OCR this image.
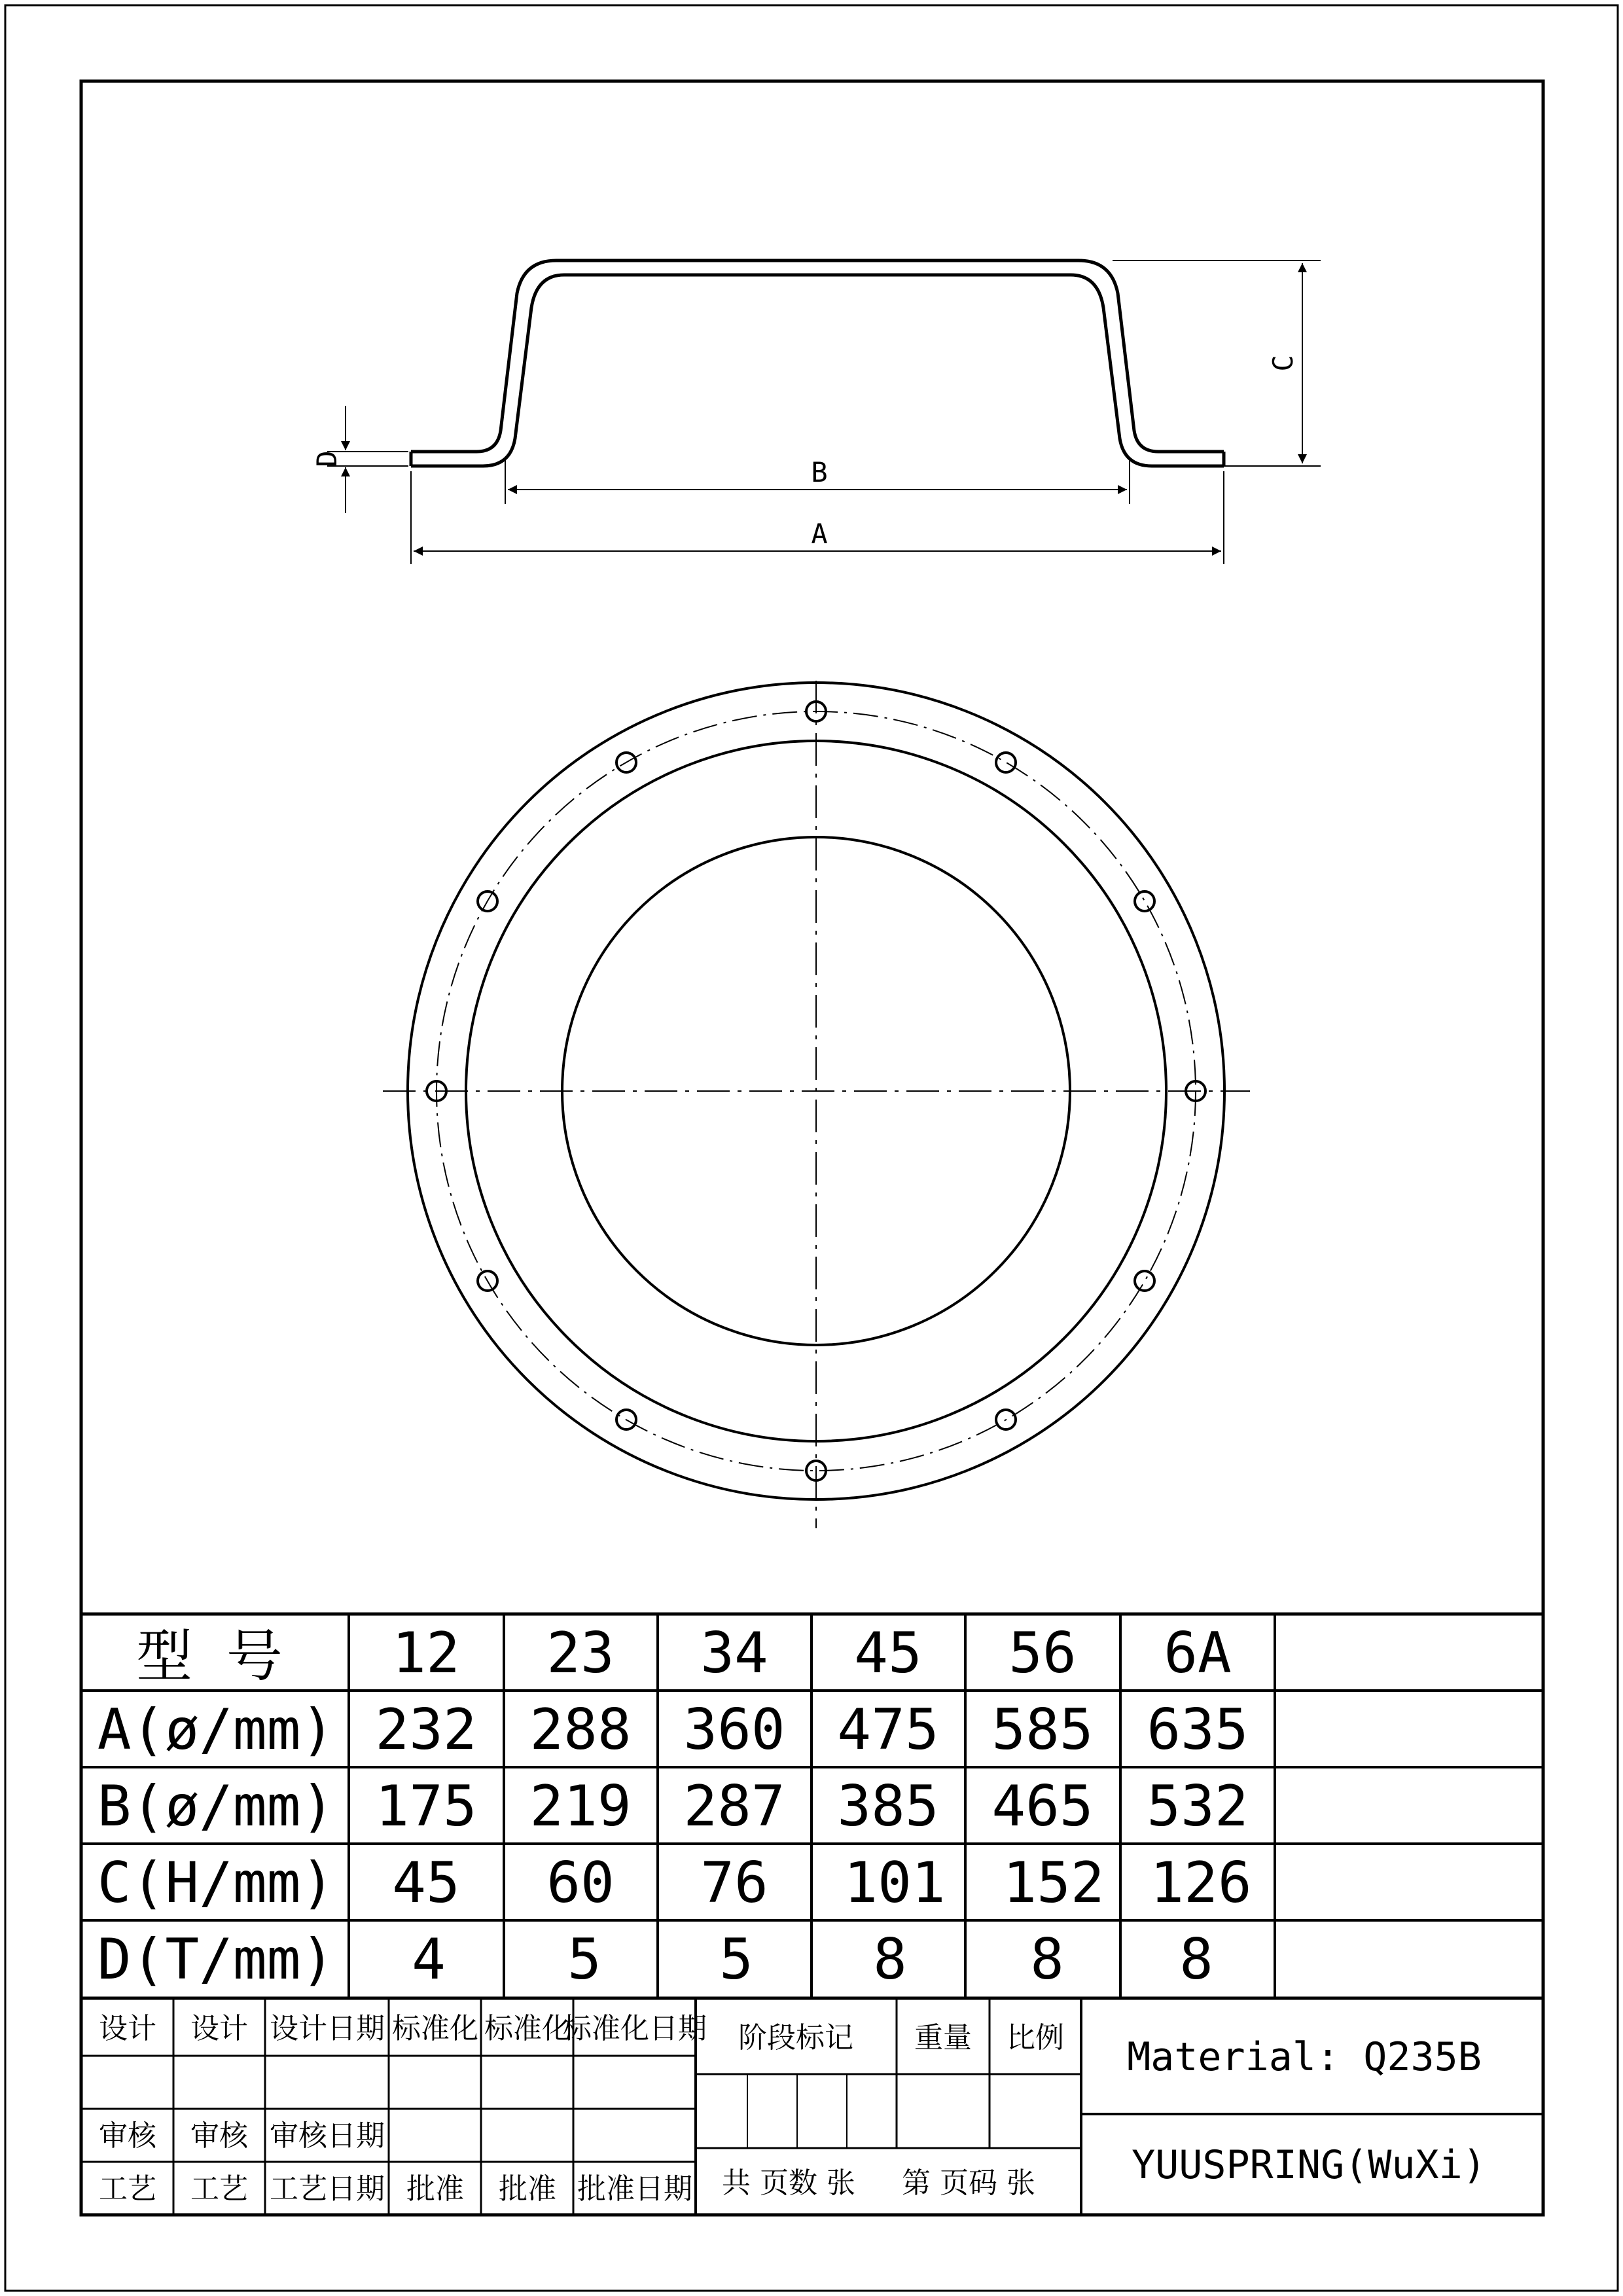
A
B
C
D
型 号 12 23 34 45 56 6A
A(ø/mm) 232 288 360 475 585 635
B(ø/mm) 175 219 287 385 465 532
C(H/mm) 45 60 76 101 152 126
D(T/mm) 4 5 5 8 8 8
设计 设计 设计日期 标准化 标准化
标准化日期
审核 审核 审核日期
工艺 工艺 工艺日期 批准 批准 批准日期
阶段标记 重量 比例
共 页数 张 第 页码 张
Material: Q235B
YUUSPRING(WuXi)
